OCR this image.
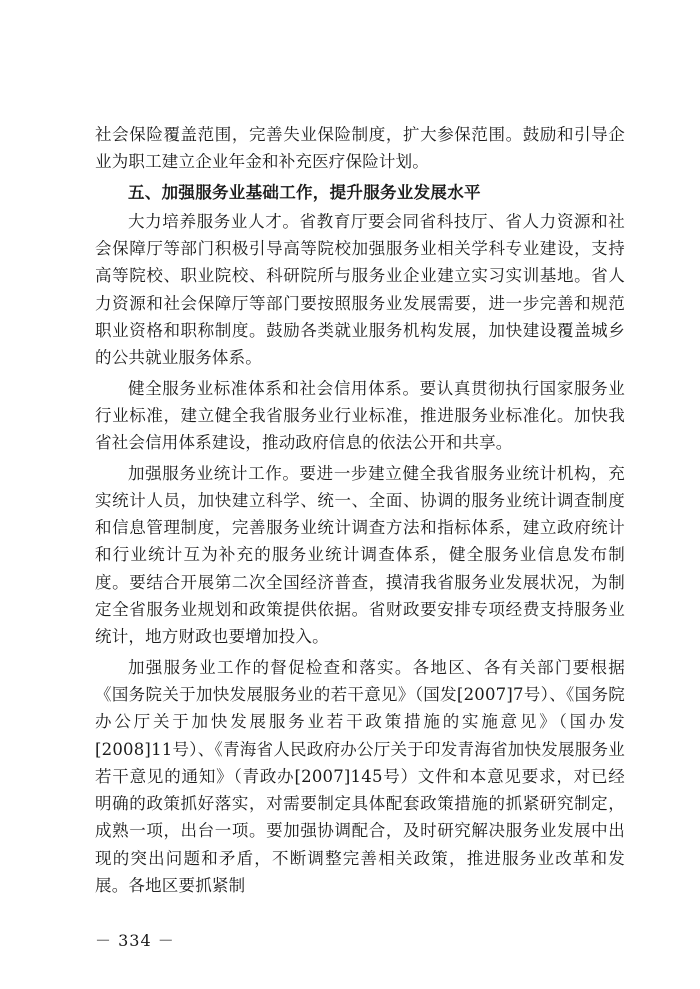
社会保险覆盖范围，完善失业保险制度，扩大参保范围。鼓励和引导企业为职工建立企业年金和补充医疗保险计划。

五、加强服务业基础工作，提升服务业发展水平

大力培养服务业人才。省教育厅要会同省科技厅、省人力资源和社会保障厅等部门积极引导高等院校加强服务业相关学科专业建设，支持高等院校、职业院校、科研院所与服务业企业建立实习实训基地。省人力资源和社会保障厅等部门要按照服务业发展需要，进一步完善和规范职业资格和职称制度。鼓励各类就业服务机构发展，加快建设覆盖城乡的公共就业服务体系。

健全服务业标准体系和社会信用体系。要认真贯彻执行国家服务业行业标准，建立健全我省服务业行业标准，推进服务业标准化。加快我省社会信用体系建设，推动政府信息的依法公开和共享。

加强服务业统计工作。要进一步建立健全我省服务业统计机构，充实统计人员，加快建立科学、统一、全面、协调的服务业统计调查制度和信息管理制度，完善服务业统计调查方法和指标体系，建立政府统计和行业统计互为补充的服务业统计调查体系，健全服务业信息发布制度。要结合开展第二次全国经济普查，摸清我省服务业发展状况，为制定全省服务业规划和政策提供依据。省财政要安排专项经费支持服务业统计，地方财政也要增加投入。

加强服务业工作的督促检查和落实。各地区、各有关部门要根据《国务院关于加快发展服务业的若干意见》（国发[2007]7号）、《国务院办公厅关于加快发展服务业若干政策措施的实施意见》（国办发[2008]11号）、《青海省人民政府办公厅关于印发青海省加快发展服务业若干意见的通知》（青政办[2007]145号）文件和本意见要求，对已经明确的政策抓好落实，对需要制定具体配套政策措施的抓紧研究制定，成熟一项，出台一项。要加强协调配合，及时研究解决服务业发展中出现的突出问题和矛盾，不断调整完善相关政策，推进服务业改革和发展。各地区要抓紧制

－ 334 －
